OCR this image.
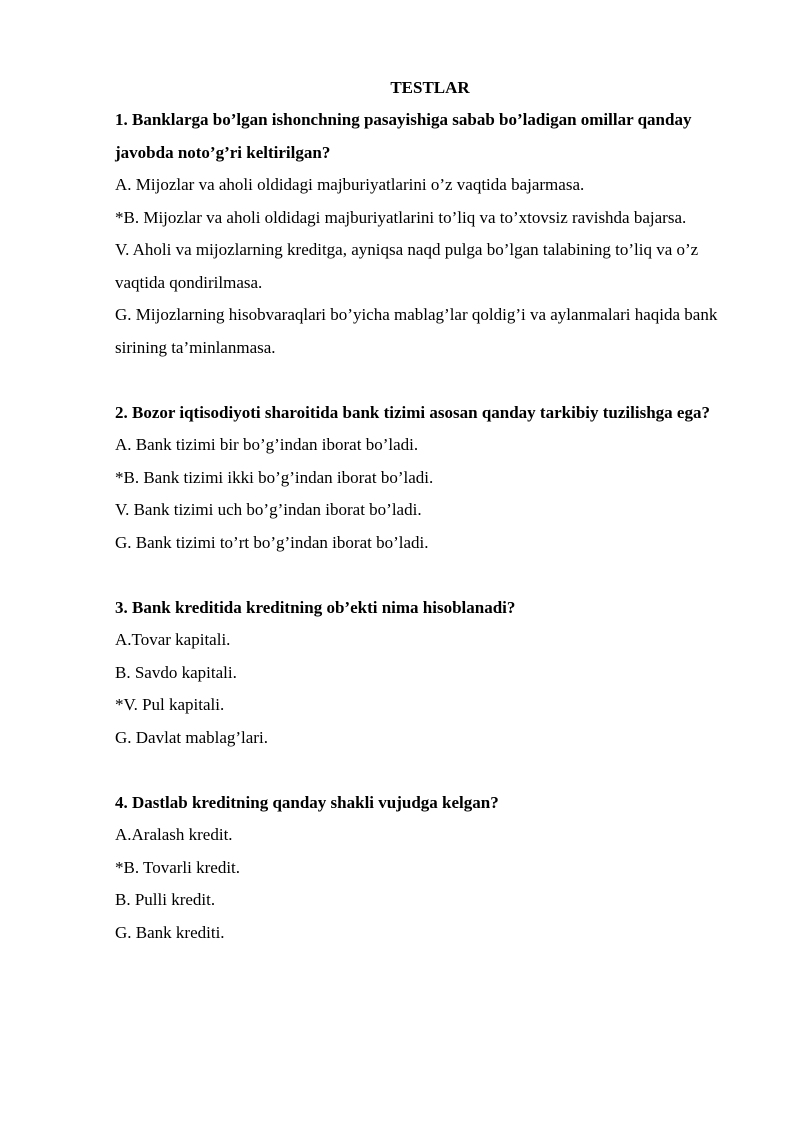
TESTLAR

1. Banklarga bo’lgan ishonchning pasayishiga sabab bo’ladigan omillar qanday javobda noto’g’ri keltirilgan?

A. Mijozlar va aholi oldidagi majburiyatlarini o’z vaqtida bajarmasa.

*B. Mijozlar va aholi oldidagi majburiyatlarini to’liq va to’xtovsiz ravishda bajarsa.

V. Aholi va mijozlarning kreditga, ayniqsa naqd pulga bo’lgan talabining to’liq va o’z vaqtida qondirilmasa.

G. Mijozlarning hisobvaraqlari bo’yicha mablag’lar qoldig’i va aylanmalari haqida bank sirining ta’minlanmasa.

2. Bozor iqtisodiyoti sharoitida bank tizimi asosan qanday tarkibiy tuzilishga ega?

A. Bank tizimi bir bo’g’indan iborat bo’ladi.

*B. Bank tizimi ikki bo’g’indan iborat bo’ladi.

V. Bank tizimi uch bo’g’indan iborat bo’ladi.

G. Bank tizimi to’rt bo’g’indan iborat bo’ladi.

3. Bank kreditida kreditning ob’ekti nima hisoblanadi?

A.Tovar kapitali.

B. Savdo kapitali.

*V. Pul kapitali.

G. Davlat mablag’lari.

4. Dastlab kreditning qanday shakli vujudga kelgan?

A.Aralash kredit.

*B. Tovarli kredit.

B. Pulli kredit.

G. Bank krediti.
